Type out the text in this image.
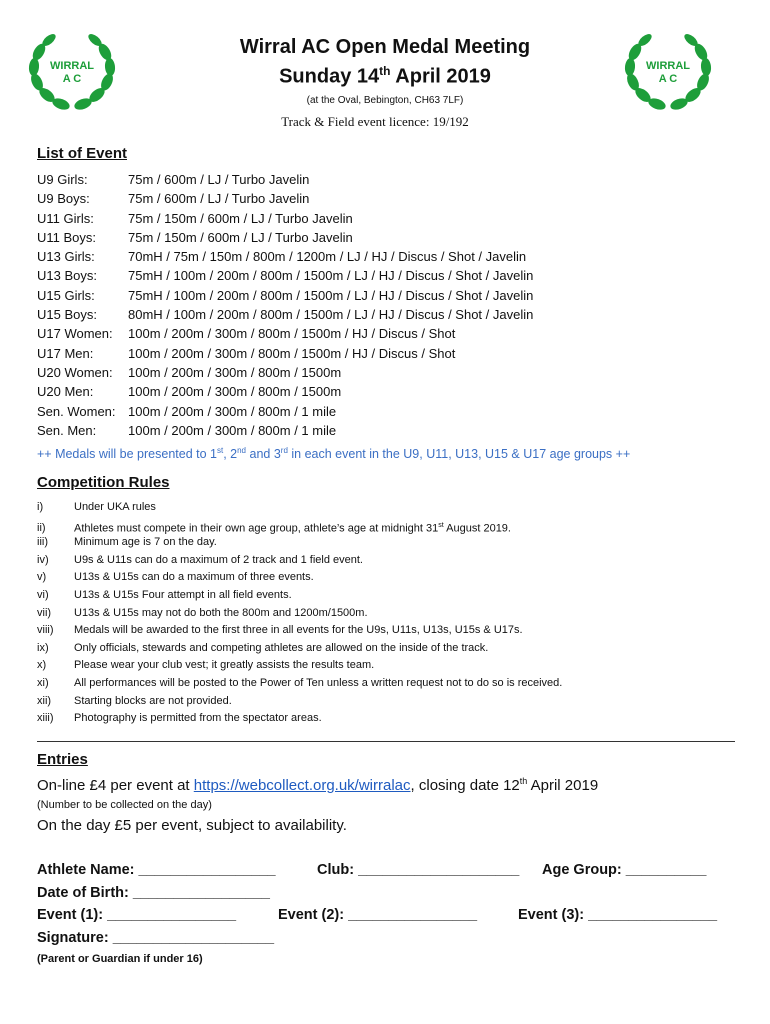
WIRRAL
A C
WIRRAL
A C
Wirral AC Open Medal Meeting
Sunday 14th April 2019
(at the Oval, Bebington, CH63 7LF)
Track & Field event licence: 19/192
List of Event
U9 Girls:	75m / 600m / LJ / Turbo Javelin
U9 Boys:	75m / 600m / LJ / Turbo Javelin
U11 Girls:	75m / 150m / 600m / LJ / Turbo Javelin
U11 Boys: 75m / 150m / 600m / LJ / Turbo Javelin
U13 Girls:	70mH / 75m / 150m / 800m / 1200m / LJ / HJ / Discus / Shot / Javelin
U13 Boys: 75mH / 100m / 200m / 800m / 1500m / LJ / HJ / Discus / Shot / Javelin
U15 Girls:	75mH / 100m / 200m / 800m / 1500m / LJ / HJ / Discus / Shot / Javelin
U15 Boys: 80mH / 100m / 200m / 800m / 1500m / LJ / HJ / Discus / Shot / Javelin
U17 Women: 100m / 200m / 300m / 800m / 1500m / HJ / Discus / Shot
U17 Men:	100m / 200m / 300m / 800m / 1500m / HJ / Discus / Shot
U20 Women: 100m / 200m / 300m / 800m / 1500m
U20 Men:	100m / 200m / 300m / 800m / 1500m
Sen. Women: 100m / 200m / 300m / 800m / 1 mile
Sen. Men: 100m / 200m / 300m / 800m / 1 mile
++ Medals will be presented to 1st, 2nd and 3rd in each event in the U9, U11, U13, U15 & U17 age groups ++
Competition Rules
i)	Under UKA rules
ii)	Athletes must compete in their own age group, athlete’s age at midnight 31st August 2019.
iii) Minimum age is 7 on the day.
iv) U9s & U11s can do a maximum of 2 track and 1 field event.
v)	U13s & U15s can do a maximum of three events.
vi) U13s & U15s Four attempt in all field events.
vii) U13s & U15s may not do both the 800m and 1200m/1500m.
viii) Medals will be awarded to the first three in all events for the U9s, U11s, U13s, U15s & U17s.
ix) Only officials, stewards and competing athletes are allowed on the inside of the track.
x)	Please wear your club vest; it greatly assists the results team.
xi) All performances will be posted to the Power of Ten unless a written request not to do so is received.
xii) Starting blocks are not provided.
xiii) Photography is permitted from the spectator areas.
Entries
On-line £4 per event at https://webcollect.org.uk/wirralac, closing date 12th April 2019
(Number to be collected on the day)
On the day £5 per event, subject to availability.
Athlete Name: _________________	Club: ____________________ Age Group: __________
Date of Birth: _________________
Event (1): ________________	Event (2): ________________	Event (3): ________________
Signature: ____________________
(Parent or Guardian if under 16)
